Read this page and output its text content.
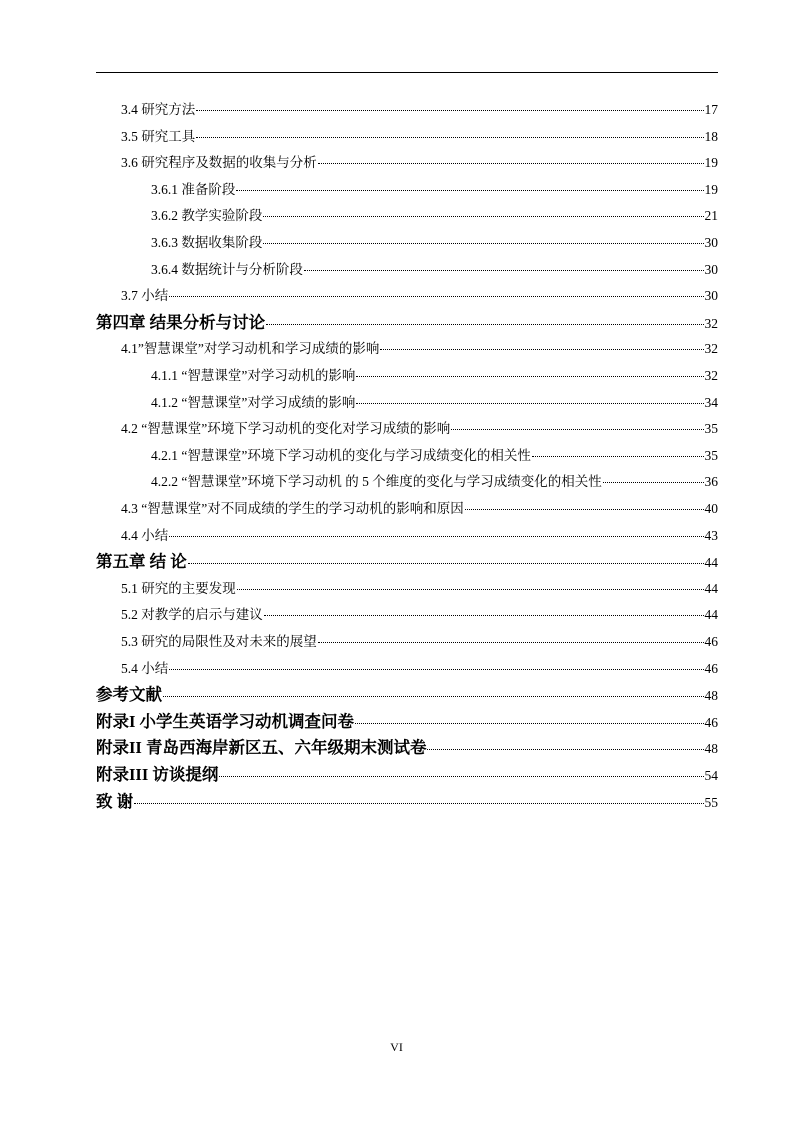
3.4 研究方法	17
3.5 研究工具	18
3.6 研究程序及数据的收集与分析	19
3.6.1 准备阶段	19
3.6.2 教学实验阶段	21
3.6.3 数据收集阶段	30
3.6.4 数据统计与分析阶段	30
3.7 小结	30
第四章 结果分析与讨论	32
4.1”智慧课堂”对学习动机和学习成绩的影响	32
4.1.1 “智慧课堂”对学习动机的影响	32
4.1.2 “智慧课堂”对学习成绩的影响	34
4.2 “智慧课堂”环境下学习动机的变化对学习成绩的影响	35
4.2.1 “智慧课堂”环境下学习动机的变化与学习成绩变化的相关性	35
4.2.2 “智慧课堂”环境下学习动机 的 5 个维度的变化与学习成绩变化的相关性	36
4.3 “智慧课堂”对不同成绩的学生的学习动机的影响和原因	40
4.4 小结	43
第五章 结 论	44
5.1 研究的主要发现	44
5.2 对教学的启示与建议	44
5.3 研究的局限性及对未来的展望	46
5.4 小结	46
参考文献	48
附录I 小学生英语学习动机调查问卷	46
附录II 青岛西海岸新区五、六年级期末测试卷	48
附录III 访谈提纲	54
致 谢	55
VI
